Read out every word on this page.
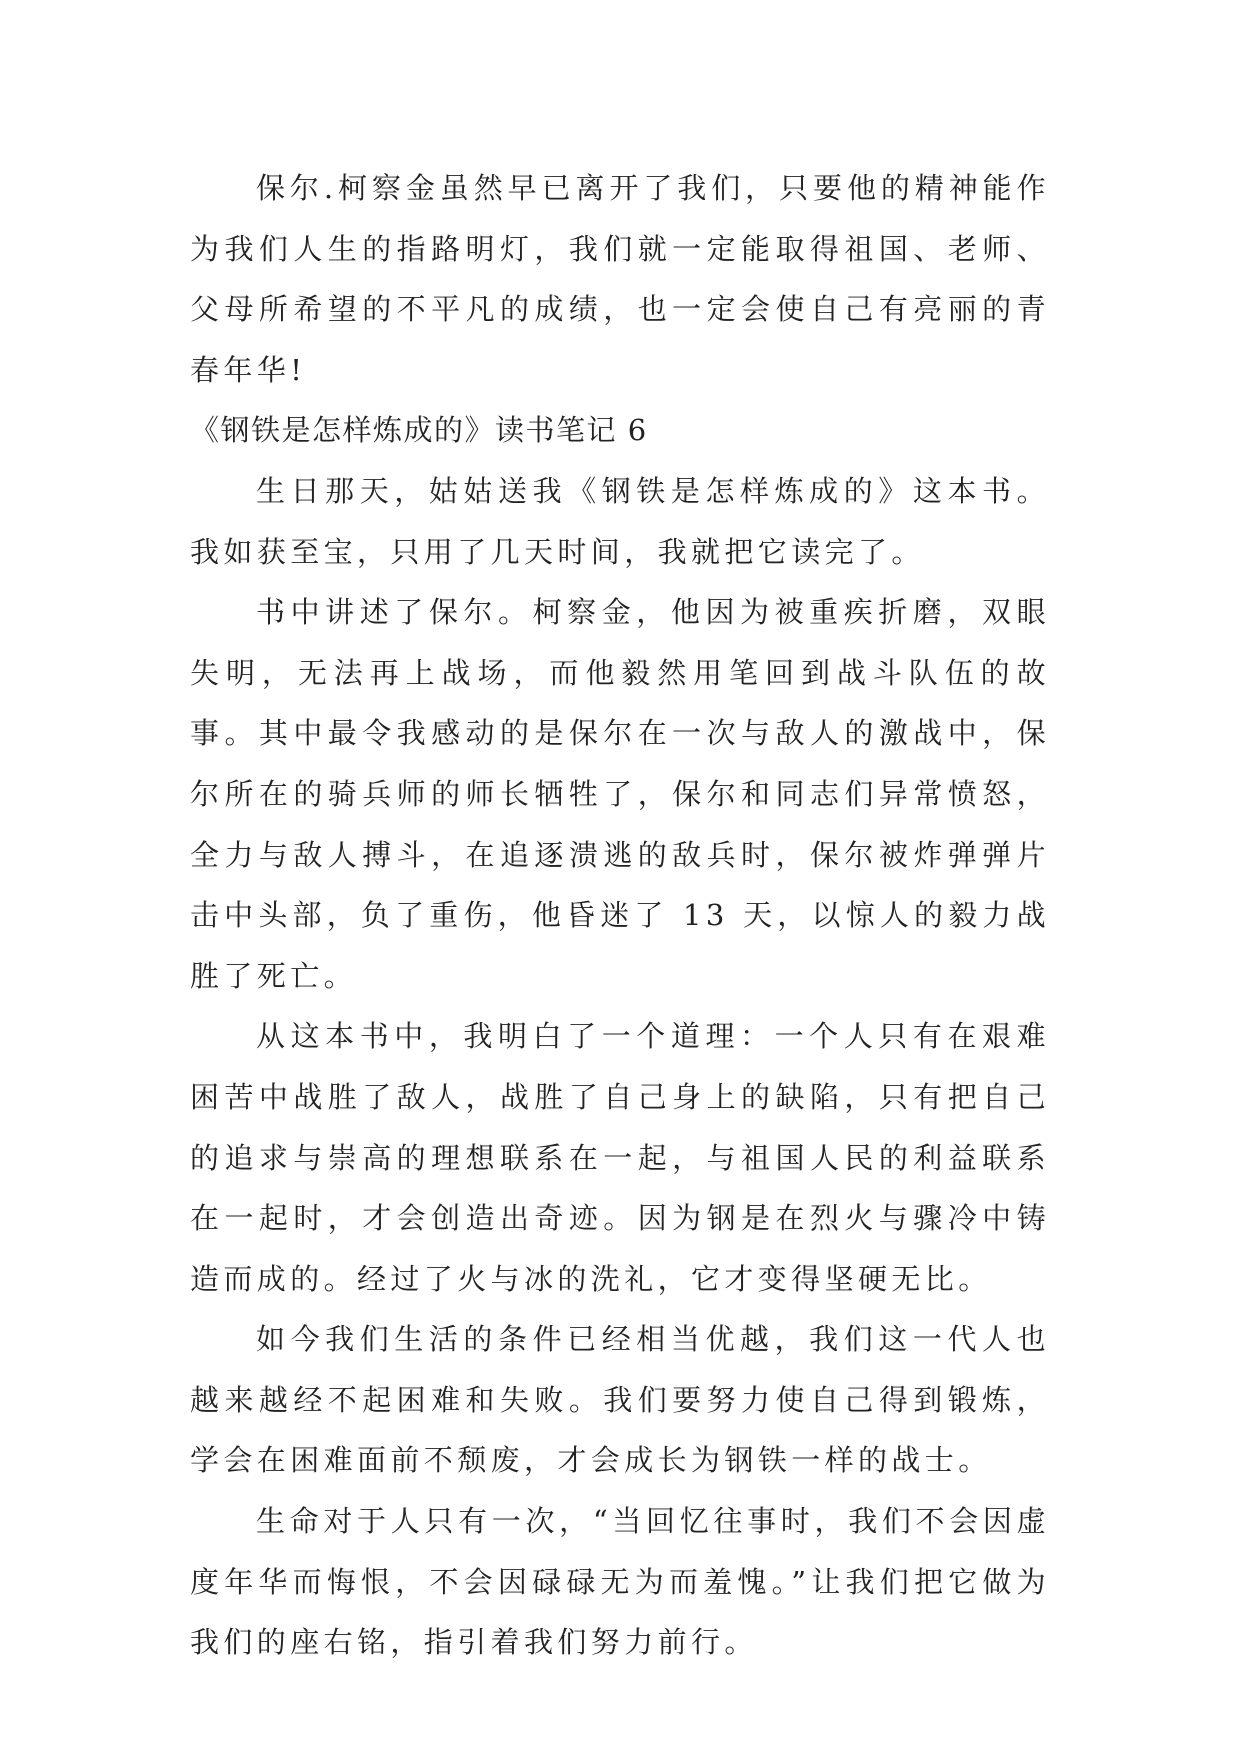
保尔.柯察金虽然早已离开了我们，只要他的精神能作为我们人生的指路明灯，我们就一定能取得祖国、老师、父母所希望的不平凡的成绩，也一定会使自己有亮丽的青春年华!

《钢铁是怎样炼成的》读书笔记 6

生日那天，姑姑送我《钢铁是怎样炼成的》这本书。我如获至宝，只用了几天时间，我就把它读完了。

书中讲述了保尔。柯察金，他因为被重疾折磨，双眼失明，无法再上战场，而他毅然用笔回到战斗队伍的故事。其中最令我感动的是保尔在一次与敌人的激战中，保尔所在的骑兵师的师长牺牲了，保尔和同志们异常愤怒，全力与敌人搏斗，在追逐溃逃的敌兵时，保尔被炸弹弹片击中头部，负了重伤，他昏迷了 13 天，以惊人的毅力战胜了死亡。

从这本书中，我明白了一个道理：一个人只有在艰难困苦中战胜了敌人，战胜了自己身上的缺陷，只有把自己的追求与崇高的理想联系在一起，与祖国人民的利益联系在一起时，才会创造出奇迹。因为钢是在烈火与骤冷中铸造而成的。经过了火与冰的洗礼，它才变得坚硬无比。

如今我们生活的条件已经相当优越，我们这一代人也越来越经不起困难和失败。我们要努力使自己得到锻炼，学会在困难面前不颓废，才会成长为钢铁一样的战士。

生命对于人只有一次，“当回忆往事时，我们不会因虚度年华而悔恨，不会因碌碌无为而羞愧。”让我们把它做为我们的座右铭，指引着我们努力前行。
